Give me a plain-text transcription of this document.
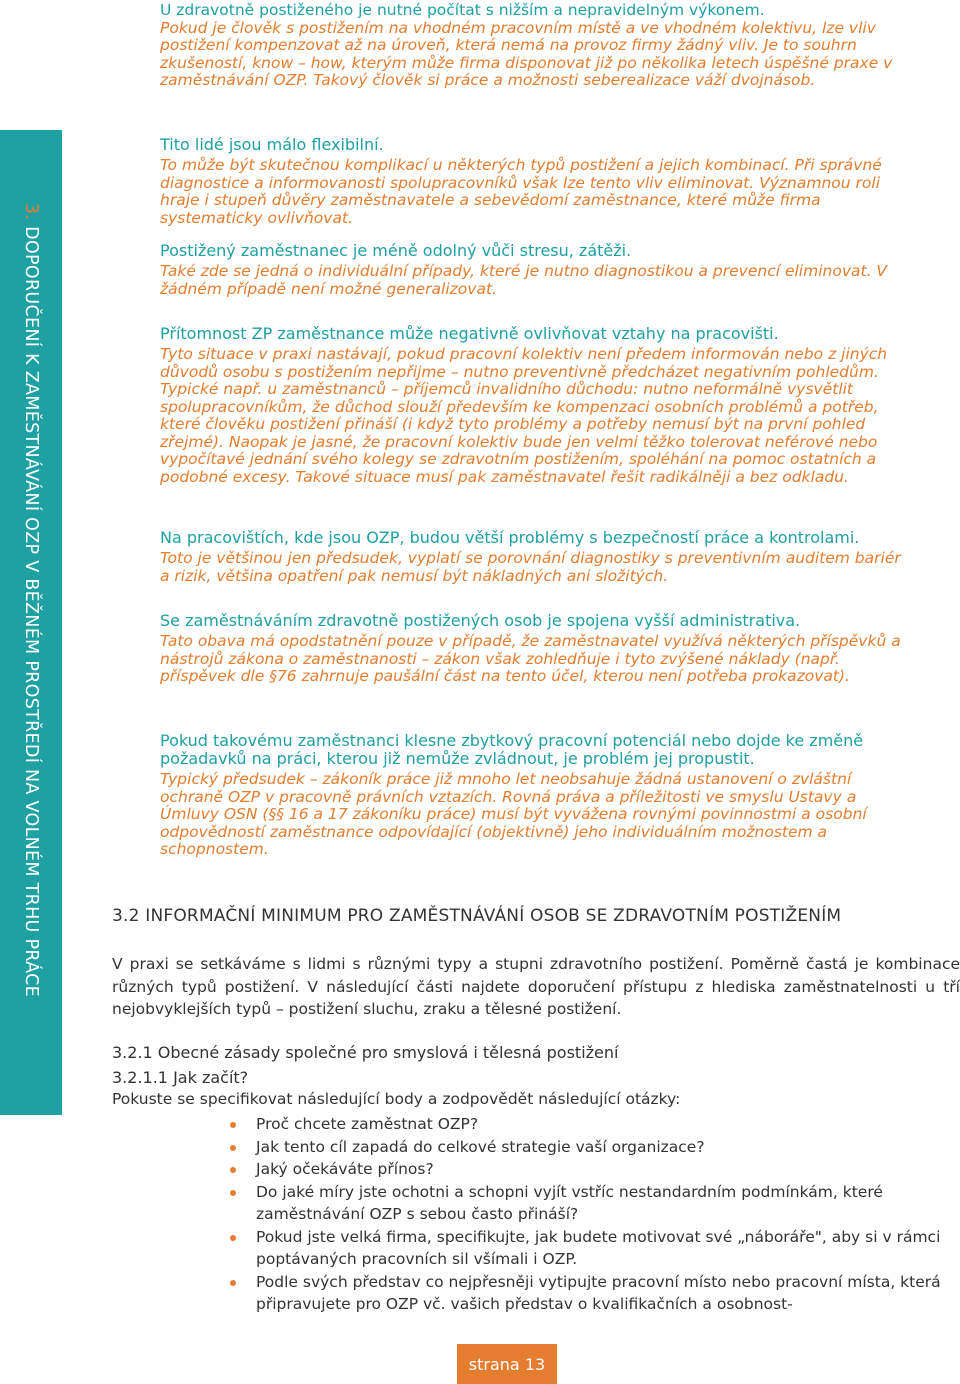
U zdravotně postiženého je nutné počítat s nižším a nepravidelným výkonem.
Pokud je člověk s postižením na vhodném pracovním místě a ve vhodném kolektivu, lze vliv postižení kompenzovat až na úroveň, která nemá na provoz firmy žádný vliv. Je to souhrn zkušeností, know – how, kterým může firma disponovat již po několika letech úspěšné praxe v zaměstnávání OZP. Takový člověk si práce a možnosti seberealizace váží dvojnásob.
3. DOPORUČENÍ K ZAMĚSTNÁVÁNÍ OZP V BĚŽNÉM PROSTŘEDÍ NA VOLNÉM TRHU PRÁCE
Tito lidé jsou málo flexibilní.
To může být skutečnou komplikací u některých typů postižení a jejich kombinací. Při správné diagnostice a informovanosti spolupracovníků však lze tento vliv eliminovat. Významnou roli hraje i stupeň důvěry zaměstnavatele a sebevědomí zaměstnance, které může firma systematicky ovlivňovat.
Postižený zaměstnanec je méně odolný vůči stresu, zátěži.
Také zde se jedná o individuální případy, které je nutno diagnostikou a prevencí eliminovat. V žádném případě není možné generalizovat.
Přítomnost ZP zaměstnance může negativně ovlivňovat vztahy na pracovišti.
Tyto situace v praxi nastávají, pokud pracovní kolektiv není předem informován nebo z jiných důvodů osobu s postižením nepřijme – nutno preventivně předcházet negativním pohledům. Typické např. u zaměstnanců – příjemců invalidního důchodu: nutno neformálně vysvětlit spolupracovníkům, že důchod slouží především ke kompenzaci osobních problémů a potřeb, které člověku postižení přináší (i když tyto problémy a potřeby nemusí být na první pohled zřejmé). Naopak je jasné, že pracovní kolektiv bude jen velmi těžko tolerovat neférové nebo vypočítavé jednání svého kolegy se zdravotním postižením, spoléhání na pomoc ostatních a podobné excesy. Takové situace musí pak zaměstnavatel řešit radikálněji a bez odkladu.
Na pracovištích, kde jsou OZP, budou větší problémy s bezpečností práce a kontrolami.
Toto je většinou jen předsudek, vyplatí se porovnání diagnostiky s preventivním auditem bariér a rizik, většina opatření pak nemusí být nákladných ani složitých.
Se zaměstnáváním zdravotně postižených osob je spojena vyšší administrativa.
Tato obava má opodstatnění pouze v případě, že zaměstnavatel využívá některých příspěvků a nástrojů zákona o zaměstnanosti – zákon však zohledňuje i tyto zvýšené náklady (např. příspěvek dle §76 zahrnuje paušální část na tento účel, kterou není potřeba prokazovat).
Pokud takovému zaměstnanci klesne zbytkový pracovní potenciál nebo dojde ke změně požadavků na práci, kterou již nemůže zvládnout, je problém jej propustit.
Typický předsudek – zákoník práce již mnoho let neobsahuje žádná ustanovení o zvláštní ochraně OZP v pracovně právních vztazích. Rovná práva a příležitosti ve smyslu Ustavy a Úmluvy OSN (§§ 16 a 17 zákoníku práce) musí být vyvážena rovnými povinnostmi a osobní odpovědností zaměstnance odpovídající (objektivně) jeho individuálním možnostem a schopnostem.
3.2 INFORMAČNÍ MINIMUM PRO ZAMĚSTNÁVÁNÍ OSOB SE ZDRAVOTNÍM POSTIŽENÍM
V praxi se setkáváme s lidmi s různými typy a stupni zdravotního postižení. Poměrně častá je kombinace různých typů postižení. V následující části najdete doporučení přístupu z hlediska zaměstnatelnosti u tří nejobvyklejších typů – postižení sluchu, zraku a tělesné postižení.
3.2.1 Obecné zásady společné pro smyslová i tělesná postižení
3.2.1.1 Jak začít?
Pokuste se specifikovat následující body a zodpovědět následující otázky:
Proč chcete zaměstnat OZP?
Jak tento cíl zapadá do celkové strategie vaší organizace?
Jaký očekáváte přínos?
Do jaké míry jste ochotni a schopni vyjít vstříc nestandardním podmínkám, které zaměstnávání OZP s sebou často přináší?
Pokud jste velká firma, specifikujte, jak budete motivovat své „náboráře", aby si v rámci poptávaných pracovních sil všímali i OZP.
Podle svých představ co nejpřesněji vytipujte pracovní místo nebo pracovní místa, která připravujete pro OZP vč. vašich představ o kvalifikačních a osobnost-
strana 13
